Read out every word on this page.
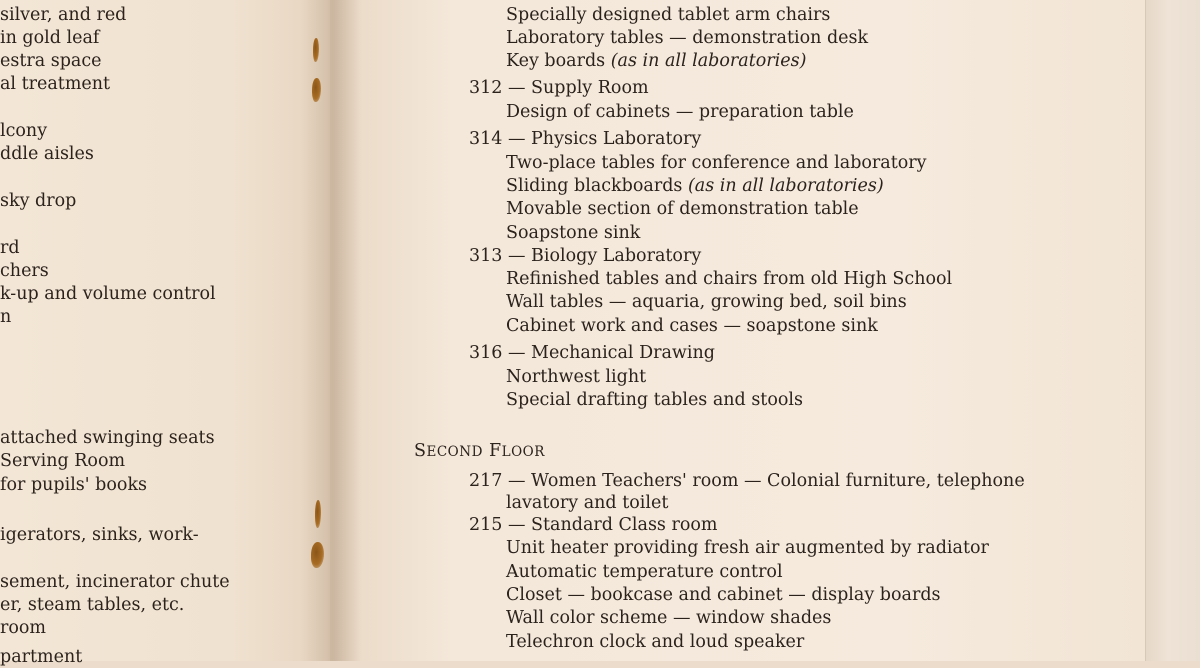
silver, and red
in gold leaf
estra space
al treatment
lcony
ddle aisles
sky drop
rd
chers
k-up and volume control
n
attached swinging seats
Serving Room
for pupils' books
igerators, sinks, work-
sement, incinerator chute
er, steam tables, etc.
room
partment
Specially designed tablet arm chairs
Laboratory tables — demonstration desk
Key boards (as in all laboratories)
312 — Supply Room
Design of cabinets — preparation table
314 — Physics Laboratory
Two-place tables for conference and laboratory
Sliding blackboards (as in all laboratories)
Movable section of demonstration table
Soapstone sink
313 — Biology Laboratory
Refinished tables and chairs from old High School
Wall tables — aquaria, growing bed, soil bins
Cabinet work and cases — soapstone sink
316 — Mechanical Drawing
Northwest light
Special drafting tables and stools
SECOND FLOOR
217 — Women Teachers' room — Colonial furniture, telephone
lavatory and toilet
215 — Standard Class room
Unit heater providing fresh air augmented by radiator
Automatic temperature control
Closet — bookcase and cabinet — display boards
Wall color scheme — window shades
Telechron clock and loud speaker
